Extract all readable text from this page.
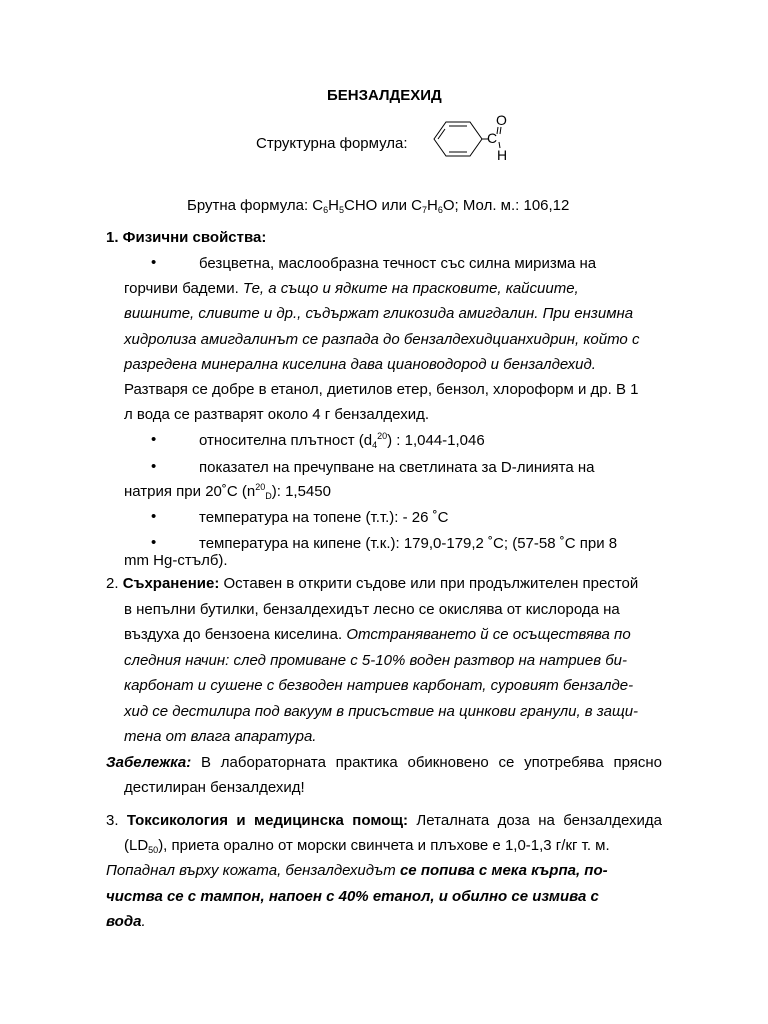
БЕНЗАЛДЕХИД
Структурна формула:
O
C
H
Брутна формула: $C_6H_5CHO$ или $C_7H_6O$; Мол. м.: 106,12
1. Физични свойства:
•	безцветна, маслообразна течност със силна миризма на
горчиви бадеми. Те, а също и ядките на прасковите, кайсиите,
вишните, сливите и др., съдържат гликозида амигдалин. При ензимна
хидролиза амигдалинът се разпада до бензалдехидцианхидрин, който с
разредена минерална киселина дава циановодород и бензалдехид.
Разтваря се добре в етанол, диетилов етер, бензол, хлороформ и др. В 1
л вода се разтварят около 4 г бензалдехид.
•	относителна плътност $(d_4^{20})$ : 1,044-1,046
•	показател на пречупване на светлината за D-линията на
натрия при 20˚C $(n^{20}_D)$: 1,5450
•	температура на топене (т.т.): - 26 ˚C
•	температура на кипене (т.к.): 179,0-179,2 ˚C; (57-58 ˚C при 8
mm Hg-стълб).
2. Съхранение: Оставен в открити съдове или при продължителен престой
в непълни бутилки, бензалдехидът лесно се окислява от кислорода на
въздуха до бензоена киселина. Отстраняването й се осъществява по
следния начин: след промиване с 5-10% воден разтвор на натриев би-
карбонат и сушене с безводен натриев карбонат, суровият бензалде-
хид се дестилира под вакуум в присъствие на цинкови гранули, в защи-
тена от влага апаратура.
Забележка: В лабораторната практика обикновено се употребява прясно
дестилиран бензалдехид!
3. Токсикология и медицинска помощ: Леталната доза на бензалдехида
$(LD_{50})$, приета орално от морски свинчета и плъхове е 1,0-1,3 г/кг т. м.
Попаднал върху кожата, бензалдехидът се попива с мека кърпа, по-
чиства се с тампон, напоен с 40% етанол, и обилно се измива с
вода.
